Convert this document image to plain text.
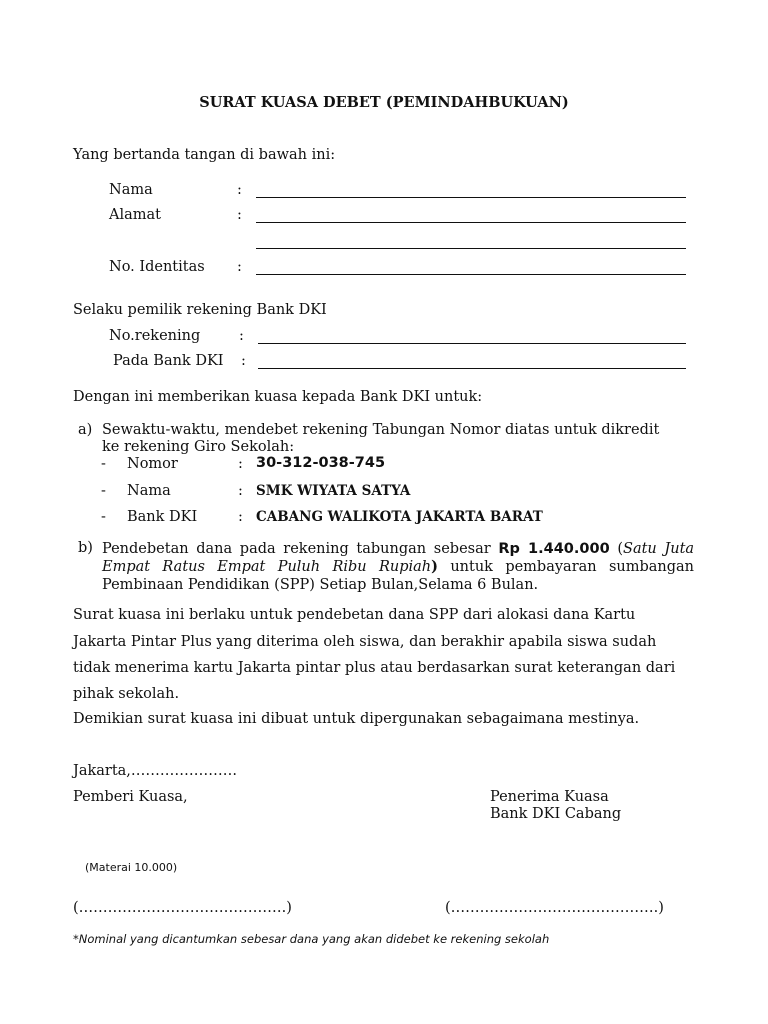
SURAT KUASA DEBET (PEMINDAHBUKUAN)
Yang bertanda tangan di bawah ini:
Nama	:
Alamat	:
No. Identitas :
Selaku pemilik rekening Bank DKI
No.rekening	:
Pada Bank DKI :
Dengan ini memberikan kuasa kepada Bank DKI untuk:
a) Sewaktu-waktu, mendebet rekening Tabungan Nomor diatas untuk dikredit
ke rekening Giro Sekolah:
- Nomor	: 30-312-038-745
- Nama	: SMK WIYATA SATYA
- Bank DKI	: CABANG WALIKOTA JAKARTA BARAT
b) Pendebetan dana pada rekening tabungan sebesar Rp 1.440.000 (Satu Juta Empat Ratus Empat Puluh Ribu Rupiah) untuk pembayaran sumbangan Pembinaan Pendidikan (SPP) Setiap Bulan,Selama 6 Bulan.
Surat kuasa ini berlaku untuk pendebetan dana SPP dari alokasi dana Kartu
Jakarta Pintar Plus yang diterima oleh siswa, dan berakhir apabila siswa sudah
tidak menerima kartu Jakarta pintar plus atau berdasarkan surat keterangan dari
pihak sekolah.
Demikian surat kuasa ini dibuat untuk dipergunakan sebagaimana mestinya.
Jakarta,………………….
Pemberi Kuasa,	Penerima Kuasa
Bank DKI Cabang
(Materai 10.000)
(…………………………………….)	(…………………………………….)
*Nominal yang dicantumkan sebesar dana yang akan didebet ke rekening sekolah
